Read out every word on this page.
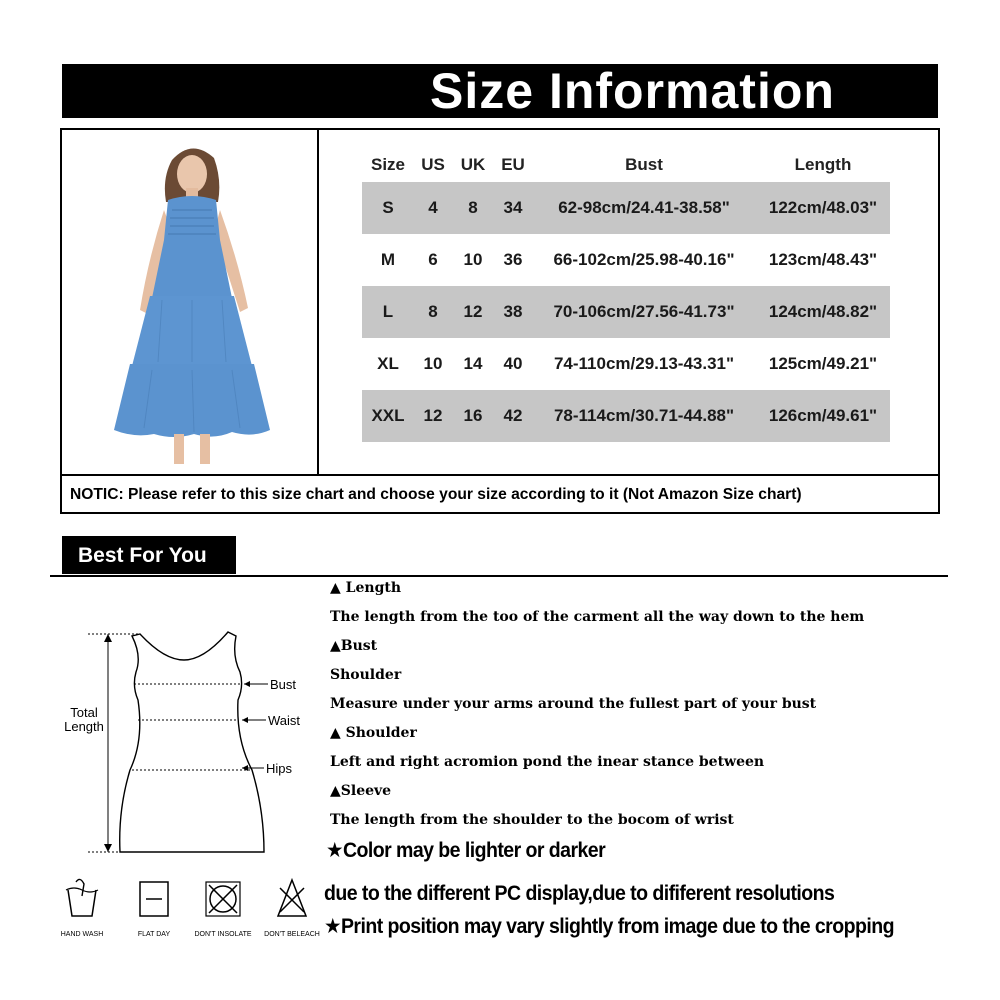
Size Information
Size	US	UK	EU	Bust	Length
S	4	8	34	62-98cm/24.41-38.58"	122cm/48.03"
M	6	10	36	66-102cm/25.98-40.16"	123cm/48.43"
L	8	12	38	70-106cm/27.56-41.73"	124cm/48.82"
XL	10	14	40	74-110cm/29.13-43.31"	125cm/49.21"
XXL	12	16	42	78-114cm/30.71-44.88"	126cm/49.61"
NOTIC: Please refer to this size chart and choose your size according to it (Not Amazon Size chart)
Best For You
Total
Length
Bust
Waist
Hips
HAND WASH	FLAT DAY	DON'T INSOLATE DON'T BELEACH
▲ Length
The length from the too of the carment all the way down to the hem
▲Bust
Shoulder
Measure under your arms around the fullest part of your bust
▲ Shoulder
Left and right acromion pond the inear stance between
▲Sleeve
The length from the shoulder to the bocom of wrist
★Color may be lighter or darker
due to the different PC display,due to dififerent resolutions
★Print position may vary slightly from image due to the cropping
